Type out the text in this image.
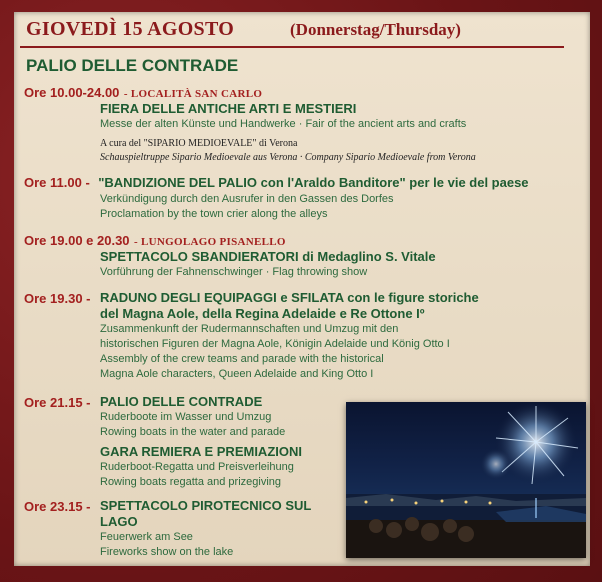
GIOVEDÌ 15 AGOSTO	(Donnerstag/Thursday)
PALIO DELLE CONTRADE
Ore 10.00-24.00 - LOCALITÀ SAN CARLO
FIERA DELLE ANTICHE ARTI E MESTIERI
Messe der alten Künste und Handwerke · Fair of the ancient arts and crafts
A cura del "SIPARIO MEDIOEVALE" di Verona
Schauspieltruppe Sipario Medioevale aus Verona · Company Sipario Medioevale from Verona
Ore 11.00 - "BANDIZIONE DEL PALIO con l'Araldo Banditore" per le vie del paese
Verkündigung durch den Ausrufer in den Gassen des Dorfes
Proclamation by the town crier along the alleys
Ore 19.00 e 20.30 - LUNGOLAGO PISANELLO
SPETTACOLO SBANDIERATORI di Medaglino S. Vitale
Vorführung der Fahnenschwinger · Flag throwing show
Ore 19.30 - RADUNO DEGLI EQUIPAGGI e SFILATA con le figure storiche
del Magna Aole, della Regina Adelaide e Re Ottone Iº
Zusammenkunft der Rudermannschaften und Umzug mit den
historischen Figuren der Magna Aole, Königin Adelaide und König Otto I
Assembly of the crew teams and parade with the historical
Magna Aole characters, Queen Adelaide and King Otto I
Ore 21.15 - PALIO DELLE CONTRADE
Ruderboote im Wasser und Umzug
Rowing boats in the water and parade
GARA REMIERA E PREMIAZIONI
Ruderboot-Regatta und Preisverleihung
Rowing boats regatta and prizegiving
Ore 23.15 - SPETTACOLO PIROTECNICO SUL LAGO
Feuerwerk am See
Fireworks show on the lake
